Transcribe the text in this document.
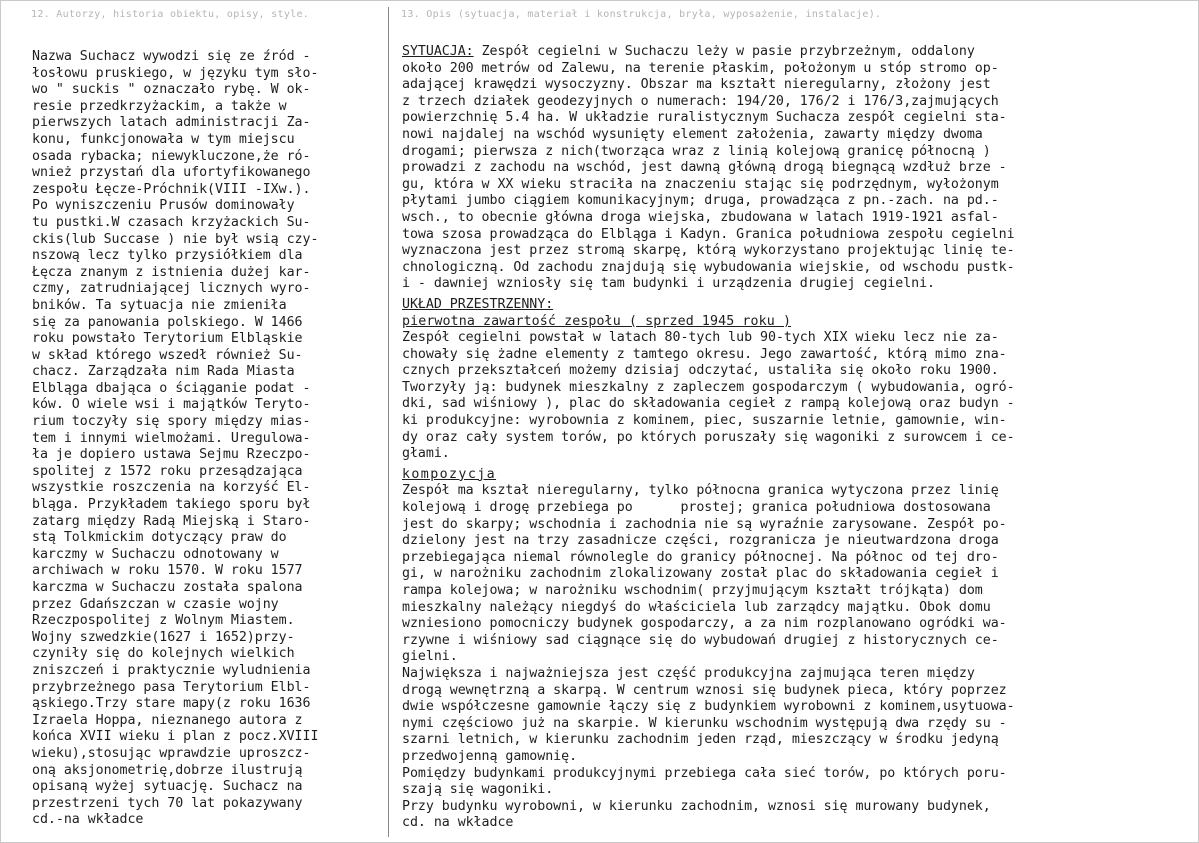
12. Autorzy, historia obiektu, opisy, style.	13. Opis (sytuacja, materiał i konstrukcja, bryła, wyposażenie, instalacje).
Nazwa Suchacz wywodzi się ze źród -
łosłowu pruskiego, w języku tym sło-
wo " suckis " oznaczało rybę. W ok-
resie przedkrzyżackim, a także w
pierwszych latach administracji Za-
konu, funkcjonowała w tym miejscu
osada rybacka; niewykluczone,że ró-
wnież przystań dla ufortyfikowanego
zespołu Łęcze-Próchnik(VIII -IXw.).
Po wyniszczeniu Prusów dominowały
tu pustki.W czasach krzyżackich Su-
ckis(lub Succase ) nie był wsią czy-
nszową lecz tylko przysiółkiem dla
Łęcza znanym z istnienia dużej kar-
czmy, zatrudniającej licznych wyro-
bników. Ta sytuacja nie zmieniła
się za panowania polskiego. W 1466
roku powstało Terytorium Elbląskie
w skład którego wszedł również Su-
chacz. Zarządzała nim Rada Miasta
Elbląga dbająca o ściąganie podat -
ków. O wiele wsi i majątków Teryto-
rium toczyły się spory między mias-
tem i innymi wielmożami. Uregulowa-
ła je dopiero ustawa Sejmu Rzeczpo-
spolitej z 1572 roku przesądzająca
wszystkie roszczenia na korzyść El-
bląga. Przykładem takiego sporu był
zatarg między Radą Miejską i Staro-
stą Tolkmickim dotyczący praw do
karczmy w Suchaczu odnotowany w
archiwach w roku 1570. W roku 1577
karczma w Suchaczu została spalona
przez Gdańszczan w czasie wojny
Rzeczpospolitej z Wolnym Miastem.
Wojny szwedzkie(1627 i 1652)przy-
czyniły się do kolejnych wielkich
zniszczeń i praktycznie wyludnienia
przybrzeżnego pasa Terytorium Elbl-
ąskiego.Trzy stare mapy(z roku 1636
Izraela Hoppa, nieznanego autora z
końca XVII wieku i plan z pocz.XVIII
wieku),stosując wprawdzie uproszcz-
oną aksjonometrię,dobrze ilustrują
opisaną wyżej sytuację. Suchacz na
przestrzeni tych 70 lat pokazywany
cd.-na wkładce
SYTUACJA: Zespół cegielni w Suchaczu leży w pasie przybrzeżnym, oddalony
około 200 metrów od Zalewu, na terenie płaskim, położonym u stóp stromo op-
adającej krawędzi wysoczyzny. Obszar ma kształt nieregularny, złożony jest
z trzech działek geodezyjnych o numerach: 194/20, 176/2 i 176/3,zajmujących
powierzchnię 5.4 ha. W układzie ruralistycznym Suchacza zespół cegielni sta-
nowi najdalej na wschód wysunięty element założenia, zawarty między dwoma
drogami; pierwsza z nich(tworząca wraz z linią kolejową granicę północną )
prowadzi z zachodu na wschód, jest dawną główną drogą biegnącą wzdłuż brze -
gu, która w XX wieku straciła na znaczeniu stając się podrzędnym, wyłożonym
płytami jumbo ciągiem komunikacyjnym; druga, prowadząca z pn.-zach. na pd.-
wsch., to obecnie główna droga wiejska, zbudowana w latach 1919-1921 asfal-
towa szosa prowadząca do Elbląga i Kadyn. Granica południowa zespołu cegielni
wyznaczona jest przez stromą skarpę, którą wykorzystano projektując linię te-
chnologiczną. Od zachodu znajdują się wybudowania wiejskie, od wschodu pustk-
i - dawniej wzniosły się tam budynki i urządzenia drugiej cegielni.
UKŁAD PRZESTRZENNY:
pierwotna zawartość zespołu ( sprzed 1945 roku )
Zespół cegielni powstał w latach 80-tych lub 90-tych XIX wieku lecz nie za-
chowały się żadne elementy z tamtego okresu. Jego zawartość, którą mimo zna-
cznych przekształceń możemy dzisiaj odczytać, ustaliła się około roku 1900.
Tworzyły ją: budynek mieszkalny z zapleczem gospodarczym ( wybudowania, ogró-
dki, sad wiśniowy ), plac do składowania cegieł z rampą kolejową oraz budyn -
ki produkcyjne: wyrobownia z kominem, piec, suszarnie letnie, gamownie, win-
dy oraz cały system torów, po których poruszały się wagoniki z surowcem i ce-
głami.
kompozycja
Zespół ma kształ nieregularny, tylko północna granica wytyczona przez linię
kolejową i drogę przebiega po      prostej; granica południowa dostosowana
jest do skarpy; wschodnia i zachodnia nie są wyraźnie zarysowane. Zespół po-
dzielony jest na trzy zasadnicze części, rozgranicza je nieutwardzona droga
przebiegająca niemal równolegle do granicy północnej. Na północ od tej dro-
gi, w narożniku zachodnim zlokalizowany został plac do składowania cegieł i
rampa kolejowa; w narożniku wschodnim( przyjmującym kształt trójkąta) dom
mieszkalny należący niegdyś do właściciela lub zarządcy majątku. Obok domu
wzniesiono pomocniczy budynek gospodarczy, a za nim rozplanowano ogródki wa-
rzywne i wiśniowy sad ciągnące się do wybudowań drugiej z historycznych ce-
gielni.
Największa i najważniejsza jest część produkcyjna zajmująca teren między
drogą wewnętrzną a skarpą. W centrum wznosi się budynek pieca, który poprzez
dwie współczesne gamownie łączy się z budynkiem wyrobowni z kominem,usytuowa-
nymi częściowo już na skarpie. W kierunku wschodnim występują dwa rzędy su -
szarni letnich, w kierunku zachodnim jeden rząd, mieszczący w środku jedyną
przedwojenną gamownię.
Pomiędzy budynkami produkcyjnymi przebiega cała sieć torów, po których poru-
szają się wagoniki.
Przy budynku wyrobowni, w kierunku zachodnim, wznosi się murowany budynek,
cd. na wkładce
